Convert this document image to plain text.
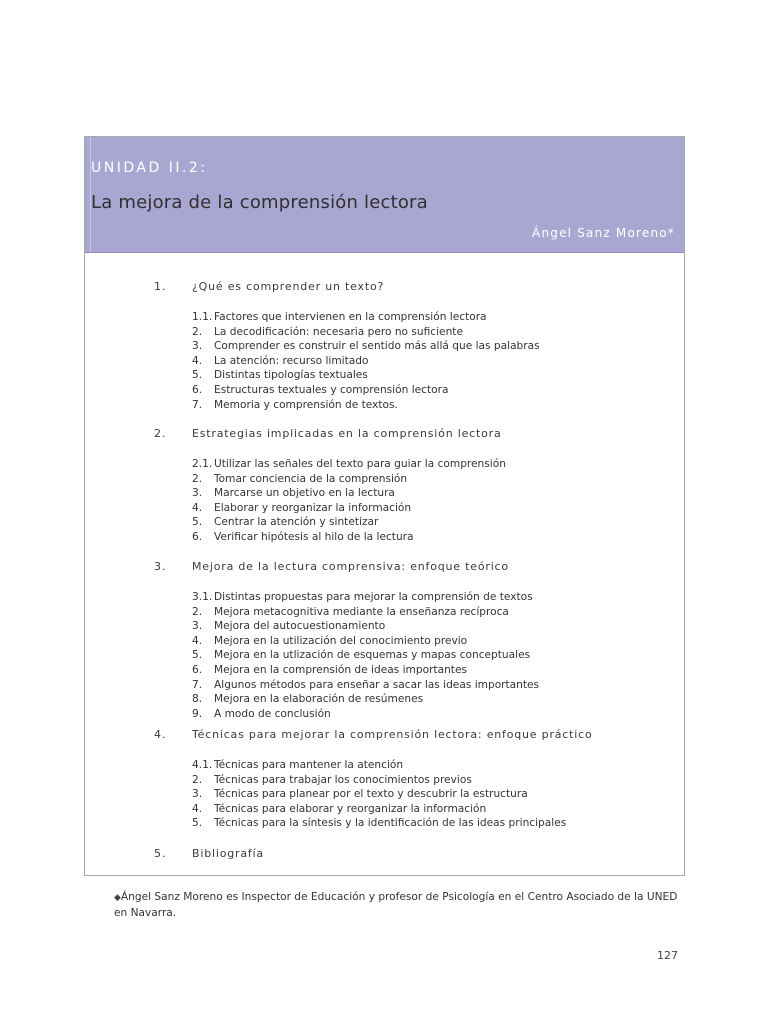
UNIDAD II.2:
La mejora de la comprensión lectora
Ángel Sanz Moreno*
1. ¿Qué es comprender un texto?
1.1. Factores que intervienen en la comprensión lectora
2. La decodificación: necesaria pero no suficiente
3. Comprender es construir el sentido más allá que las palabras
4. La atención: recurso limitado
5. Distintas tipologías textuales
6. Estructuras textuales y comprensión lectora
7. Memoria y comprensión de textos.
2. Estrategias implicadas en la comprensión lectora
2.1. Utilizar las señales del texto para guiar la comprensión
2. Tomar conciencia de la comprensión
3. Marcarse un objetivo en la lectura
4. Elaborar y reorganizar la información
5. Centrar la atención y sintetizar
6. Verificar hipótesis al hilo de la lectura
3. Mejora de la lectura comprensiva: enfoque teórico
3.1. Distintas propuestas para mejorar la comprensión de textos
2. Mejora metacognitiva mediante la enseñanza recíproca
3. Mejora del autocuestionamiento
4. Mejora en la utilización del conocimiento previo
5. Mejora en la utlización de esquemas y mapas conceptuales
6. Mejora en la comprensión de ideas importantes
7. Algunos métodos para enseñar a sacar las ideas importantes
8. Mejora en la elaboración de resúmenes
9. A modo de conclusión
4. Técnicas para mejorar la comprensión lectora: enfoque práctico
4.1. Técnicas para mantener la atención
2. Técnicas para trabajar los conocimientos previos
3. Técnicas para planear por el texto y descubrir la estructura
4. Técnicas para elaborar y reorganizar la información
5. Técnicas para la síntesis y la identificación de las ideas principales
5. Bibliografía
◆Ángel Sanz Moreno es Inspector de Educación y profesor de Psicología en el Centro Asociado de la UNED en Navarra.
127
